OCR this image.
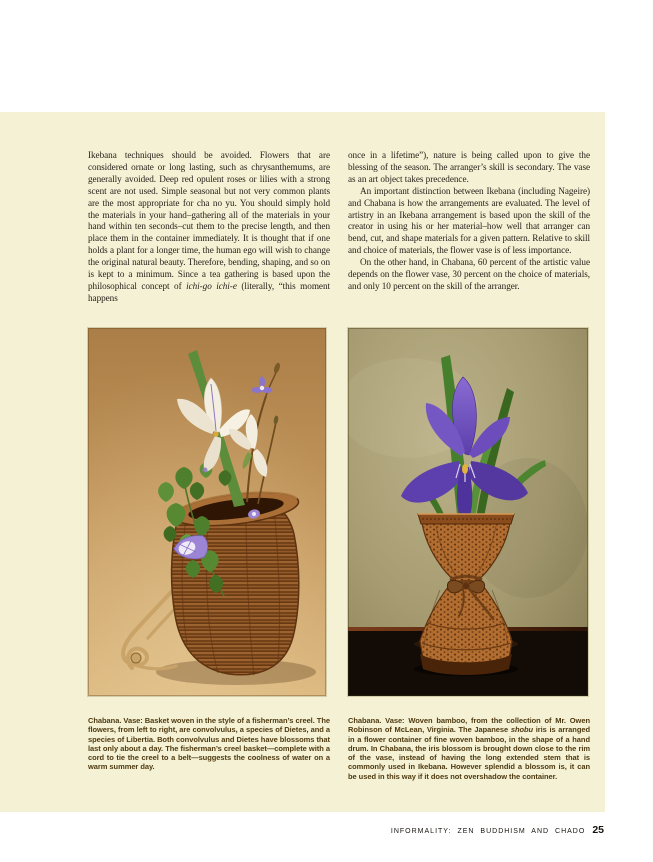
Ikebana techniques should be avoided. Flowers that are considered ornate or long lasting, such as chrysanthemums, are generally avoided. Deep red opulent roses or lilies with a strong scent are not used. Simple seasonal but not very common plants are the most appropriate for cha no yu. You should simply hold the materials in your hand–gathering all of the materials in your hand within ten seconds–cut them to the precise length, and then place them in the container immediately. It is thought that if one holds a plant for a longer time, the human ego will wish to change the original natural beauty. Therefore, bending, shaping, and so on is kept to a minimum. Since a tea gathering is based upon the philosophical concept of ichi-go ichi-e (literally, “this moment happens

once in a lifetime”), nature is being called upon to give the blessing of the season. The arranger’s skill is secondary. The vase as an art object takes precedence.

An important distinction between Ikebana (including Nageire) and Chabana is how the arrangements are evaluated. The level of artistry in an Ikebana arrangement is based upon the skill of the creator in using his or her material–how well that arranger can bend, cut, and shape materials for a given pattern. Relative to skill and choice of materials, the flower vase is of less importance.

On the other hand, in Chabana, 60 percent of the artistic value depends on the flower vase, 30 percent on the choice of materials, and only 10 percent on the skill of the arranger.

Chabana. Vase: Basket woven in the style of a fisherman’s creel. The flowers, from left to right, are convolvulus, a species of Dietes, and a species of Libertia. Both convolvulus and Dietes have blossoms that last only about a day. The fisherman’s creel basket—complete with a cord to tie the creel to a belt—suggests the coolness of water on a warm summer day.

Chabana. Vase: Woven bamboo, from the collection of Mr. Owen Robinson of McLean, Virginia. The Japanese shobu iris is arranged in a flower container of fine woven bamboo, in the shape of a hand drum. In Chabana, the iris blossom is brought down close to the rim of the vase, instead of having the long extended stem that is commonly used in Ikebana. However splendid a blossom is, it can be used in this way if it does not overshadow the container.

INFORMALITY: ZEN BUDDHISM AND CHADO 25
